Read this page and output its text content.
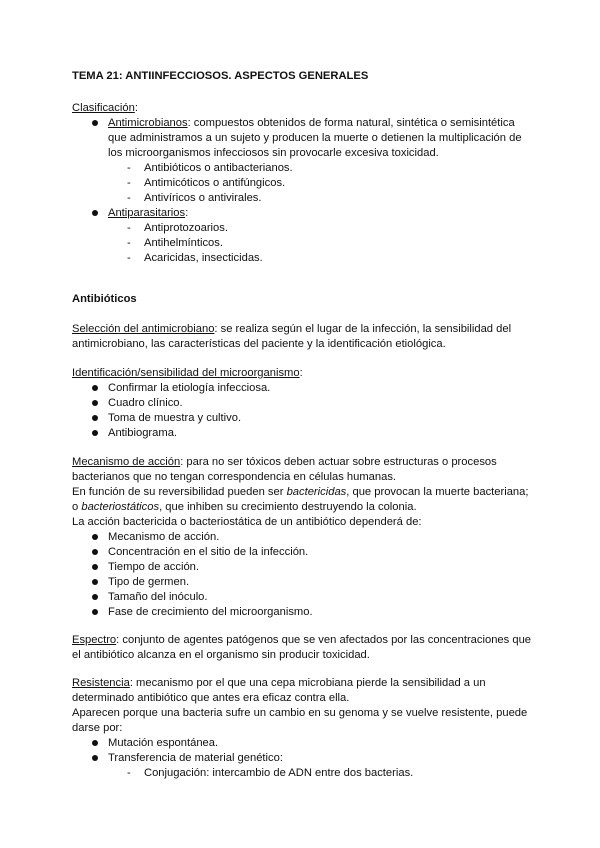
TEMA 21: ANTIINFECCIOSOS. ASPECTOS GENERALES
Clasificación:
Antimicrobianos: compuestos obtenidos de forma natural, sintética o semisintética
que administramos a un sujeto y producen la muerte o detienen la multiplicación de
los microorganismos infecciosos sin provocarle excesiva toxicidad.
- Antibióticos o antibacterianos.
- Antimicóticos o antifúngicos.
- Antivíricos o antivirales.
Antiparasitarios:
- Antiprotozoarios.
- Antihelmínticos.
- Acaricidas, insecticidas.
Antibióticos
Selección del antimicrobiano: se realiza según el lugar de la infección, la sensibilidad del
antimicrobiano, las características del paciente y la identificación etiológica.
Identificación/sensibilidad del microorganismo:
Confirmar la etiología infecciosa.
Cuadro clínico.
Toma de muestra y cultivo.
Antibiograma.
Mecanismo de acción: para no ser tóxicos deben actuar sobre estructuras o procesos
bacterianos que no tengan correspondencia en células humanas.
En función de su reversibilidad pueden ser bactericidas, que provocan la muerte bacteriana;
o bacteriostáticos, que inhiben su crecimiento destruyendo la colonia.
La acción bactericida o bacteriostática de un antibiótico dependerá de:
Mecanismo de acción.
Concentración en el sitio de la infección.
Tiempo de acción.
Tipo de germen.
Tamaño del inóculo.
Fase de crecimiento del microorganismo.
Espectro: conjunto de agentes patógenos que se ven afectados por las concentraciones que
el antibiótico alcanza en el organismo sin producir toxicidad.
Resistencia: mecanismo por el que una cepa microbiana pierde la sensibilidad a un
determinado antibiótico que antes era eficaz contra ella.
Aparecen porque una bacteria sufre un cambio en su genoma y se vuelve resistente, puede
darse por:
Mutación espontánea.
Transferencia de material genético:
- Conjugación: intercambio de ADN entre dos bacterias.
